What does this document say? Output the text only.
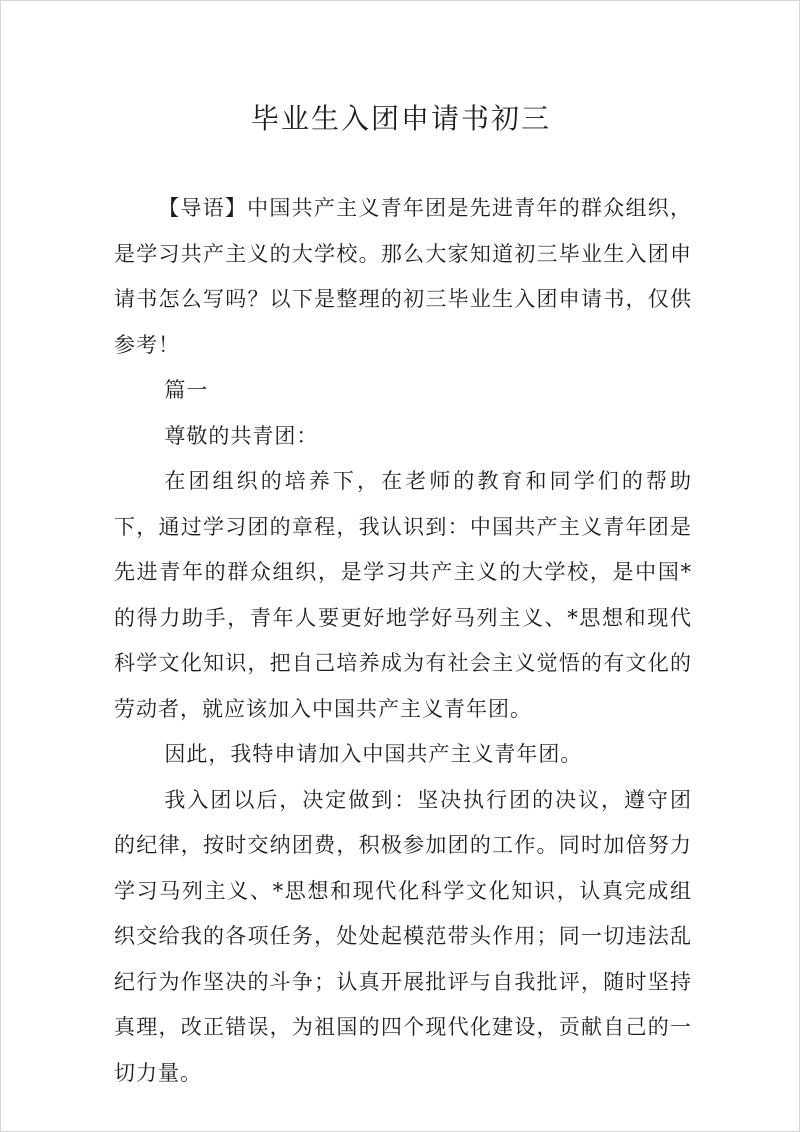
毕业生入团申请书初三

【导语】中国共产主义青年团是先进青年的群众组织，是学习共产主义的大学校。那么大家知道初三毕业生入团申请书怎么写吗？以下是整理的初三毕业生入团申请书，仅供参考！

篇一

尊敬的共青团：

在团组织的培养下，在老师的教育和同学们的帮助下，通过学习团的章程，我认识到：中国共产主义青年团是先进青年的群众组织，是学习共产主义的大学校，是中国*的得力助手，青年人要更好地学好马列主义、*思想和现代科学文化知识，把自己培养成为有社会主义觉悟的有文化的劳动者，就应该加入中国共产主义青年团。

因此，我特申请加入中国共产主义青年团。

我入团以后，决定做到：坚决执行团的决议，遵守团的纪律，按时交纳团费，积极参加团的工作。同时加倍努力学习马列主义、*思想和现代化科学文化知识，认真完成组织交给我的各项任务，处处起模范带头作用；同一切违法乱纪行为作坚决的斗争；认真开展批评与自我批评，随时坚持真理，改正错误，为祖国的四个现代化建设，贡献自己的一切力量。
